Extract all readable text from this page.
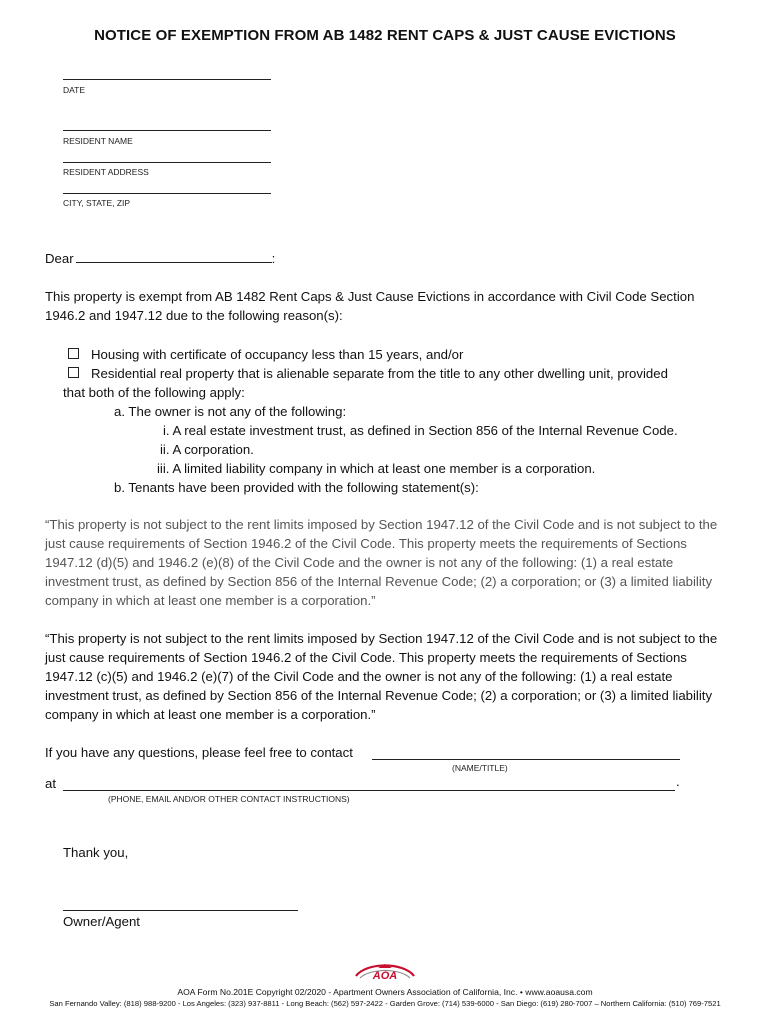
NOTICE OF EXEMPTION FROM AB 1482 RENT CAPS & JUST CAUSE EVICTIONS
DATE
RESIDENT NAME
RESIDENT ADDRESS
CITY, STATE, ZIP
Dear	:
This property is exempt from AB 1482 Rent Caps & Just Cause Evictions in accordance with Civil Code Section 1946.2 and 1947.12 due to the following reason(s):
Housing with certificate of occupancy less than 15 years, and/or
Residential real property that is alienable separate from the title to any other dwelling unit, provided
that both of the following apply:
a. The owner is not any of the following:
i. A real estate investment trust, as defined in Section 856 of the Internal Revenue Code.
ii. A corporation.
iii. A limited liability company in which at least one member is a corporation.
b. Tenants have been provided with the following statement(s):
“This property is not subject to the rent limits imposed by Section 1947.12 of the Civil Code and is not subject to the just cause requirements of Section 1946.2 of the Civil Code. This property meets the requirements of Sections 1947.12 (d)(5) and 1946.2 (e)(8) of the Civil Code and the owner is not any of the following: (1) a real estate investment trust, as defined by Section 856 of the Internal Revenue Code; (2) a corporation; or (3) a limited liability company in which at least one member is a corporation.”
“This property is not subject to the rent limits imposed by Section 1947.12 of the Civil Code and is not subject to the just cause requirements of Section 1946.2 of the Civil Code. This property meets the requirements of Sections 1947.12 (c)(5) and 1946.2 (e)(7) of the Civil Code and the owner is not any of the following: (1) a real estate investment trust, as defined by Section 856 of the Internal Revenue Code; (2) a corporation; or (3) a limited liability company in which at least one member is a corporation.”
If you have any questions, please feel free to contact
(NAME/TITLE)
at	.
(PHONE, EMAIL AND/OR OTHER CONTACT INSTRUCTIONS)
Thank you,
Owner/Agent
AOA
AOA Form No.201E Copyright 02/2020 - Apartment Owners Association of California, Inc. • www.aoausa.com
San Fernando Valley: (818) 988-9200 - Los Angeles: (323) 937-8811 - Long Beach: (562) 597-2422 - Garden Grove: (714) 539-6000 - San Diego: (619) 280-7007 – Northern California: (510) 769-7521
